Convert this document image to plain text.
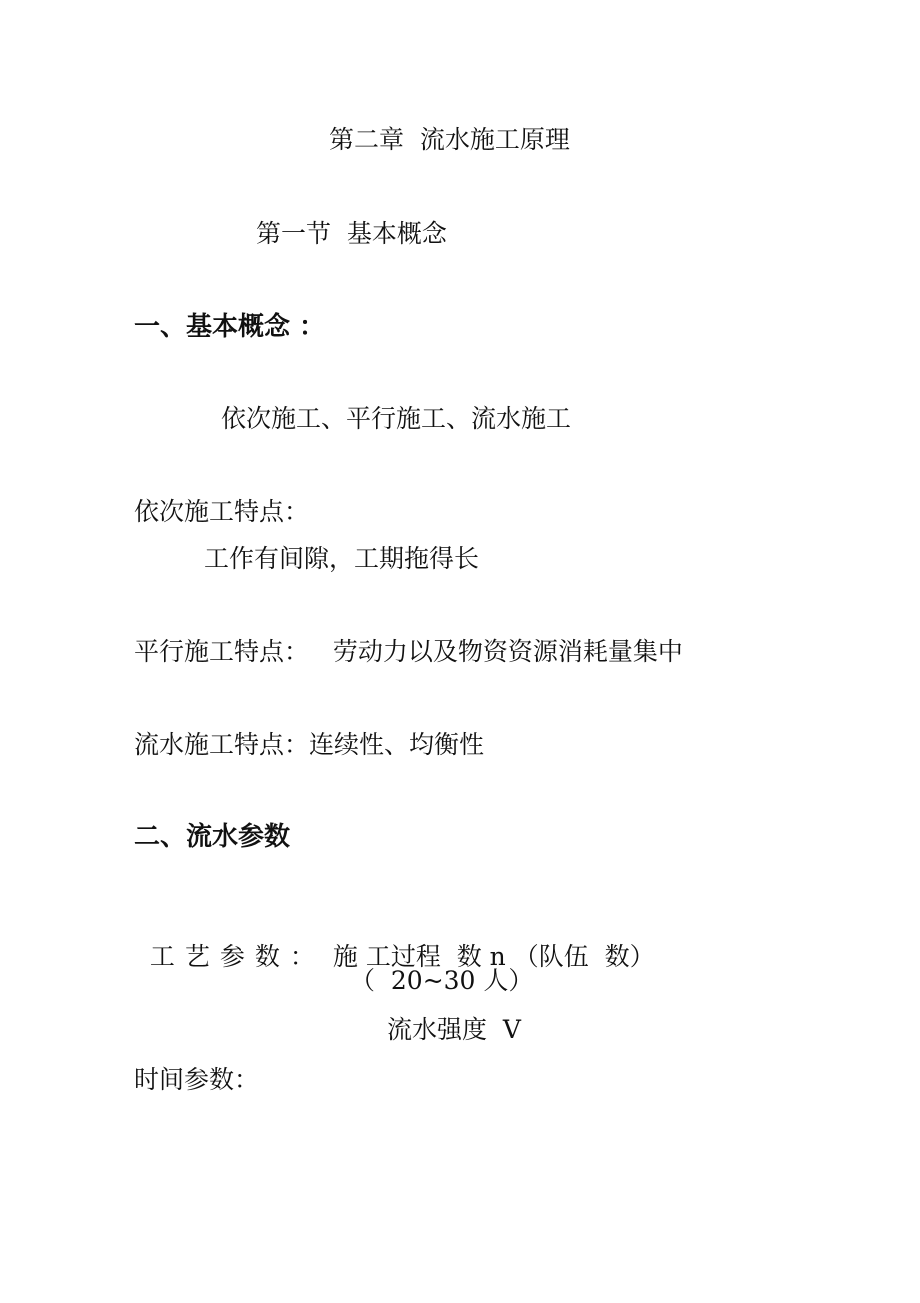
第二章  流水施工原理

第一节  基本概念

一、基本概念 ：

依次施工、平行施工、流水施工

依次施工特点：

工作有间隙，工期拖得长

平行施工特点：   劳动力以及物资资源消耗量集中

流水施工特点：连续性、均衡性

二、流水参数

工艺参数： 施 工过程  数 n （队伍  数）

（  20~30 人）

流水强度  V

时间参数：
